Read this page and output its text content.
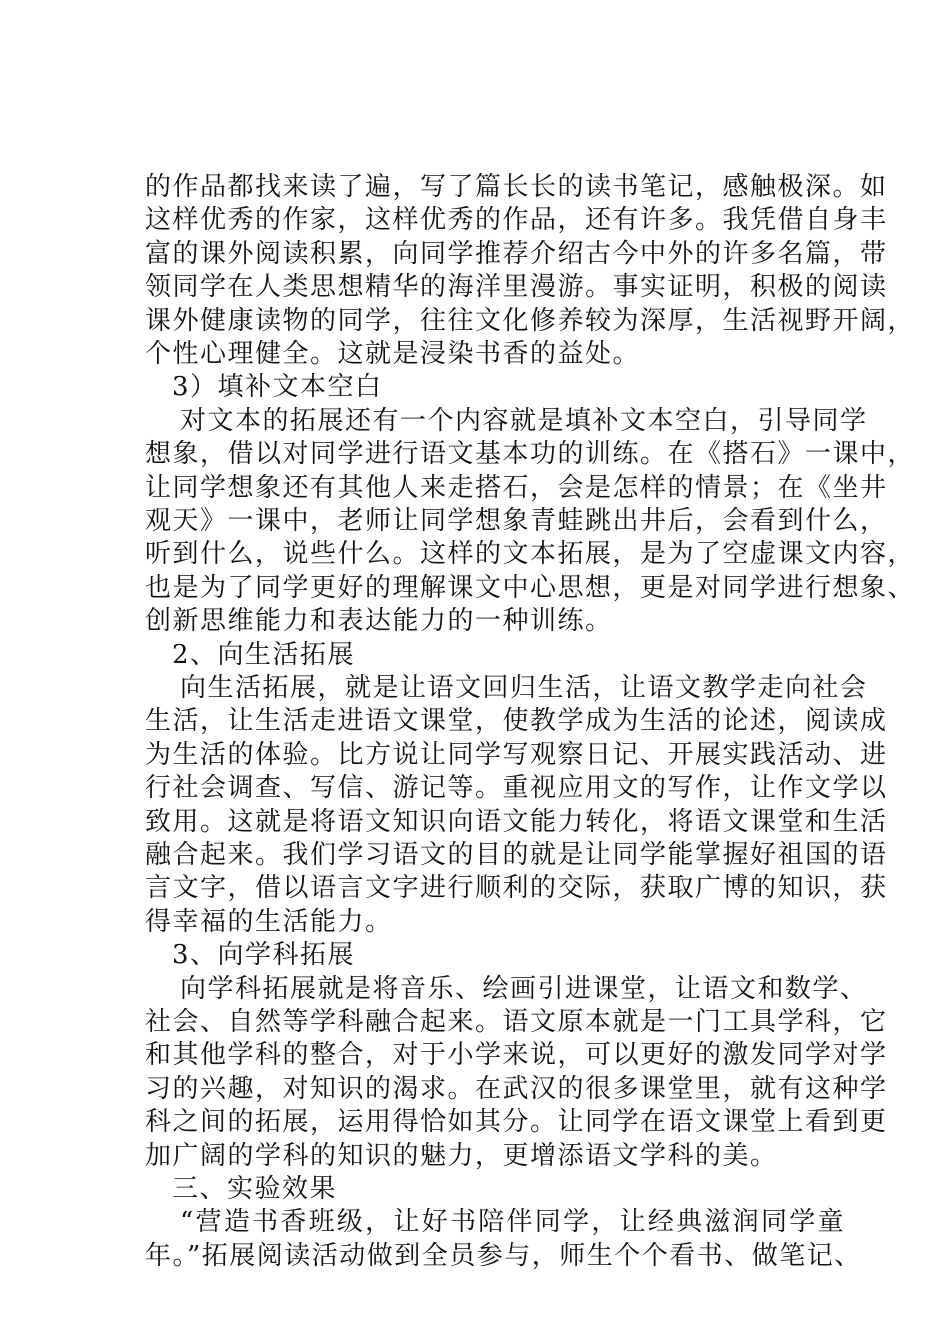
的作品都找来读了遍，写了篇长长的读书笔记，感触极深。如
这样优秀的作家，这样优秀的作品，还有许多。我凭借自身丰
富的课外阅读积累，向同学推荐介绍古今中外的许多名篇，带
领同学在人类思想精华的海洋里漫游。事实证明，积极的阅读
课外健康读物的同学，往往文化修养较为深厚，生活视野开阔，
个性心理健全。这就是浸染书香的益处。
3）填补文本空白
对文本的拓展还有一个内容就是填补文本空白，引导同学
想象，借以对同学进行语文基本功的训练。在《搭石》一课中，
让同学想象还有其他人来走搭石，会是怎样的情景；在《坐井
观天》一课中，老师让同学想象青蛙跳出井后，会看到什么，
听到什么，说些什么。这样的文本拓展，是为了空虚课文内容，
也是为了同学更好的理解课文中心思想，更是对同学进行想象、
创新思维能力和表达能力的一种训练。
2、向生活拓展
向生活拓展，就是让语文回归生活，让语文教学走向社会
生活，让生活走进语文课堂，使教学成为生活的论述，阅读成
为生活的体验。比方说让同学写观察日记、开展实践活动、进
行社会调查、写信、游记等。重视应用文的写作，让作文学以
致用。这就是将语文知识向语文能力转化，将语文课堂和生活
融合起来。我们学习语文的目的就是让同学能掌握好祖国的语
言文字，借以语言文字进行顺利的交际，获取广博的知识，获
得幸福的生活能力。
3、向学科拓展
向学科拓展就是将音乐、绘画引进课堂，让语文和数学、
社会、自然等学科融合起来。语文原本就是一门工具学科，它
和其他学科的整合，对于小学来说，可以更好的激发同学对学
习的兴趣，对知识的渴求。在武汉的很多课堂里，就有这种学
科之间的拓展，运用得恰如其分。让同学在语文课堂上看到更
加广阔的学科的知识的魅力，更增添语文学科的美。
三、实验效果
“营造书香班级，让好书陪伴同学，让经典滋润同学童
年。”拓展阅读活动做到全员参与，师生个个看书、做笔记、
